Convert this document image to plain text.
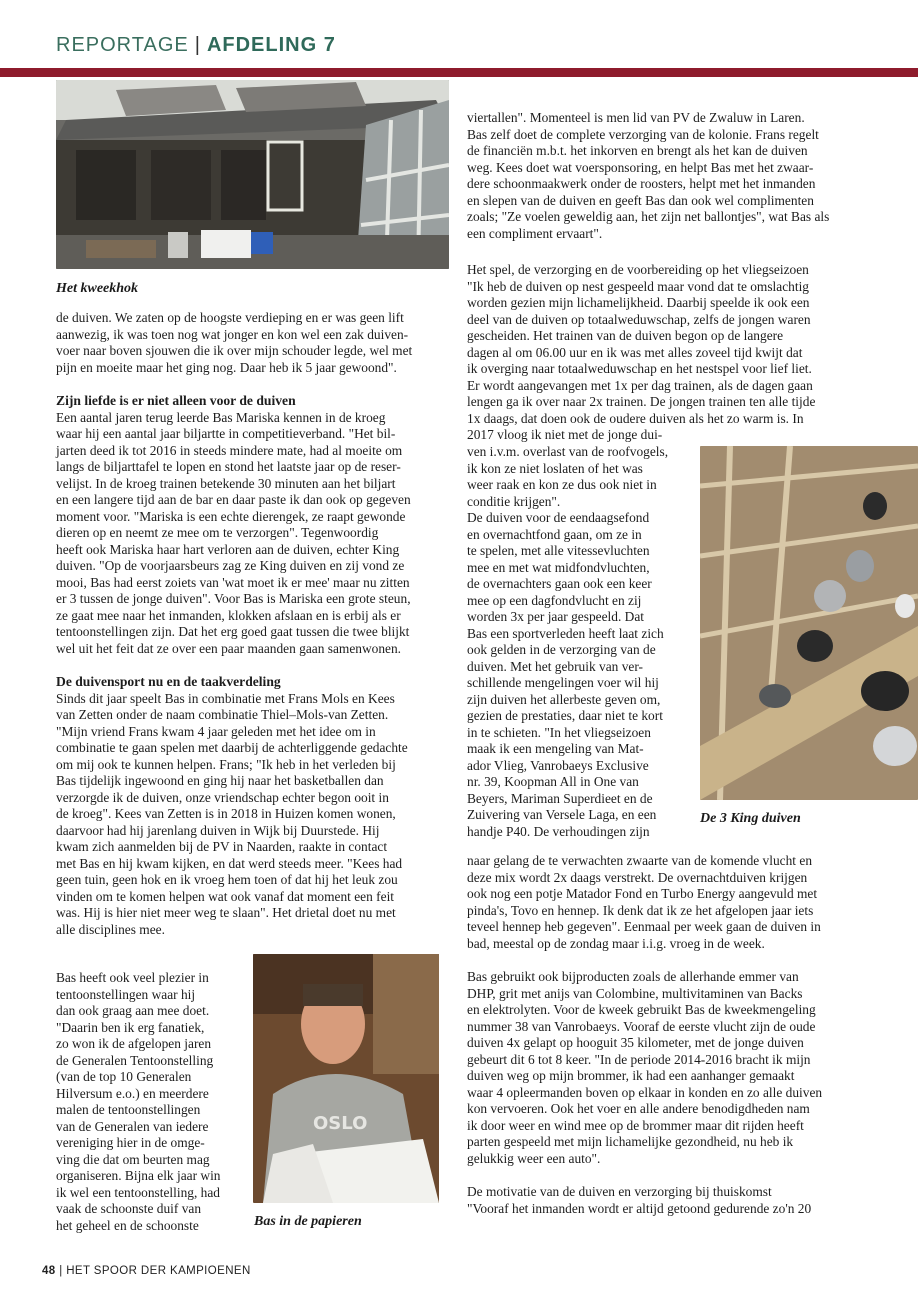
REPORTAGE | AFDELING 7
Het kweekhok

de duiven. We zaten op de hoogste verdieping en er was geen lift

aanwezig, ik was toen nog wat jonger en kon wel een zak duiven-

voer naar boven sjouwen die ik over mijn schouder legde, wel met

pijn en moeite maar het ging nog. Daar heb ik 5 jaar gewoond".

Zijn liefde is er niet alleen voor de duiven

Een aantal jaren terug leerde Bas Mariska kennen in de kroeg

waar hij een aantal jaar biljartte in competitieverband. "Het bil-

jarten deed ik tot 2016 in steeds mindere mate, had al moeite om

langs de biljarttafel te lopen en stond het laatste jaar op de reser-

velijst. In de kroeg trainen betekende 30 minuten aan het biljart

en een langere tijd aan de bar en daar paste ik dan ook op gegeven

moment voor. "Mariska is een echte dierengek, ze raapt gewonde

dieren op en neemt ze mee om te verzorgen". Tegenwoordig

heeft ook Mariska haar hart verloren aan de duiven, echter King

duiven. "Op de voorjaarsbeurs zag ze King duiven en zij vond ze

mooi, Bas had eerst zoiets van 'wat moet ik er mee' maar nu zitten

er 3 tussen de jonge duiven". Voor Bas is Mariska een grote steun,

ze gaat mee naar het inmanden, klokken afslaan en is erbij als er

tentoonstellingen zijn. Dat het erg goed gaat tussen die twee blijkt

wel uit het feit dat ze over een paar maanden gaan samenwonen.

De duivensport nu en de taakverdeling

Sinds dit jaar speelt Bas in combinatie met Frans Mols en Kees

van Zetten onder de naam combinatie Thiel–Mols-van Zetten.

"Mijn vriend Frans kwam 4 jaar geleden met het idee om in

combinatie te gaan spelen met daarbij de achterliggende gedachte

om mij ook te kunnen helpen. Frans; "Ik heb in het verleden bij

Bas tijdelijk ingewoond en ging hij naar het basketballen dan

verzorgde ik de duiven, onze vriendschap echter begon ooit in

de kroeg". Kees van Zetten is in 2018 in Huizen komen wonen,

daarvoor had hij jarenlang duiven in Wijk bij Duurstede. Hij

kwam zich aanmelden bij de PV in Naarden, raakte in contact

met Bas en hij kwam kijken, en dat werd steeds meer. "Kees had

geen tuin, geen hok en ik vroeg hem toen of dat hij het leuk zou

vinden om te komen helpen wat ook vanaf dat moment een feit

was. Hij is hier niet meer weg te slaan". Het drietal doet nu met

alle disciplines mee.

Bas heeft ook veel plezier in

tentoonstellingen waar hij

dan ook graag aan mee doet.

"Daarin ben ik erg fanatiek,

zo won ik de afgelopen jaren

de Generalen Tentoonstelling

(van de top 10 Generalen

Hilversum e.o.) en meerdere

malen de tentoonstellingen

van de Generalen van iedere

vereniging hier in de omge-

ving die dat om beurten mag

organiseren. Bijna elk jaar win

ik wel een tentoonstelling, had

vaak de schoonste duif van

het geheel en de schoonste

OSLO
Bas in de papieren

viertallen". Momenteel is men lid van PV de Zwaluw in Laren.

Bas zelf doet de complete verzorging van de kolonie. Frans regelt

de financiën m.b.t. het inkorven en brengt als het kan de duiven

weg. Kees doet wat voersponsoring, en helpt Bas met het zwaar-

dere schoonmaakwerk onder de roosters, helpt met het inmanden

en slepen van de duiven en geeft Bas dan ook wel complimenten

zoals; "Ze voelen geweldig aan, het zijn net ballontjes", wat Bas als

een compliment ervaart".

Het spel, de verzorging en de voorbereiding op het vliegseizoen

"Ik heb de duiven op nest gespeeld maar vond dat te omslachtig

worden gezien mijn lichamelijkheid. Daarbij speelde ik ook een

deel van de duiven op totaalweduwschap, zelfs de jongen waren

gescheiden. Het trainen van de duiven begon op de langere

dagen al om 06.00 uur en ik was met alles zoveel tijd kwijt dat

ik overging naar totaalweduwschap en het nestspel voor lief liet.

Er wordt aangevangen met 1x per dag trainen, als de dagen gaan

lengen ga ik over naar 2x trainen. De jongen trainen ten alle tijde

1x daags, dat doen ook de oudere duiven als het zo warm is. In

2017 vloog ik niet met de jonge dui-

ven i.v.m. overlast van de roofvogels,

ik kon ze niet loslaten of het was

weer raak en kon ze dus ook niet in

conditie krijgen".

De duiven voor de eendaagsefond

en overnachtfond gaan, om ze in

te spelen, met alle vitessevluchten

mee en met wat midfondvluchten,

de overnachters gaan ook een keer

mee op een dagfondvlucht en zij

worden 3x per jaar gespeeld. Dat

Bas een sportverleden heeft laat zich

ook gelden in de verzorging van de

duiven. Met het gebruik van ver-

schillende mengelingen voer wil hij

zijn duiven het allerbeste geven om,

gezien de prestaties, daar niet te kort

in te schieten. "In het vliegseizoen

maak ik een mengeling van Mat-

ador Vlieg, Vanrobaeys Exclusive

nr. 39, Koopman All in One van

Beyers, Mariman Superdieet en de

Zuivering van Versele Laga, en een

handje P40. De verhoudingen zijn

De 3 King duiven

naar gelang de te verwachten zwaarte van de komende vlucht en

deze mix wordt 2x daags verstrekt. De overnachtduiven krijgen

ook nog een potje Matador Fond en Turbo Energy aangevuld met

pinda's, Tovo en hennep. Ik denk dat ik ze het afgelopen jaar iets

teveel hennep heb gegeven". Eenmaal per week gaan de duiven in

bad, meestal op de zondag maar i.i.g. vroeg in de week.

Bas gebruikt ook bijproducten zoals de allerhande emmer van

DHP, grit met anijs van Colombine, multivitaminen van Backs

en elektrolyten. Voor de kweek gebruikt Bas de kweekmengeling

nummer 38 van Vanrobaeys. Vooraf de eerste vlucht zijn de oude

duiven 4x gelapt op hooguit 35 kilometer, met de jonge duiven

gebeurt dit 6 tot 8 keer. "In de periode 2014-2016 bracht ik mijn

duiven weg op mijn brommer, ik had een aanhanger gemaakt

waar 4 opleermanden boven op elkaar in konden en zo alle duiven

kon vervoeren. Ook het voer en alle andere benodigdheden nam

ik door weer en wind mee op de brommer maar dit rijden heeft

parten gespeeld met mijn lichamelijke gezondheid, nu heb ik

gelukkig weer een auto".

De motivatie van de duiven en verzorging bij thuiskomst

"Vooraf het inmanden wordt er altijd getoond gedurende zo'n 20

48 | HET SPOOR DER KAMPIOENEN
